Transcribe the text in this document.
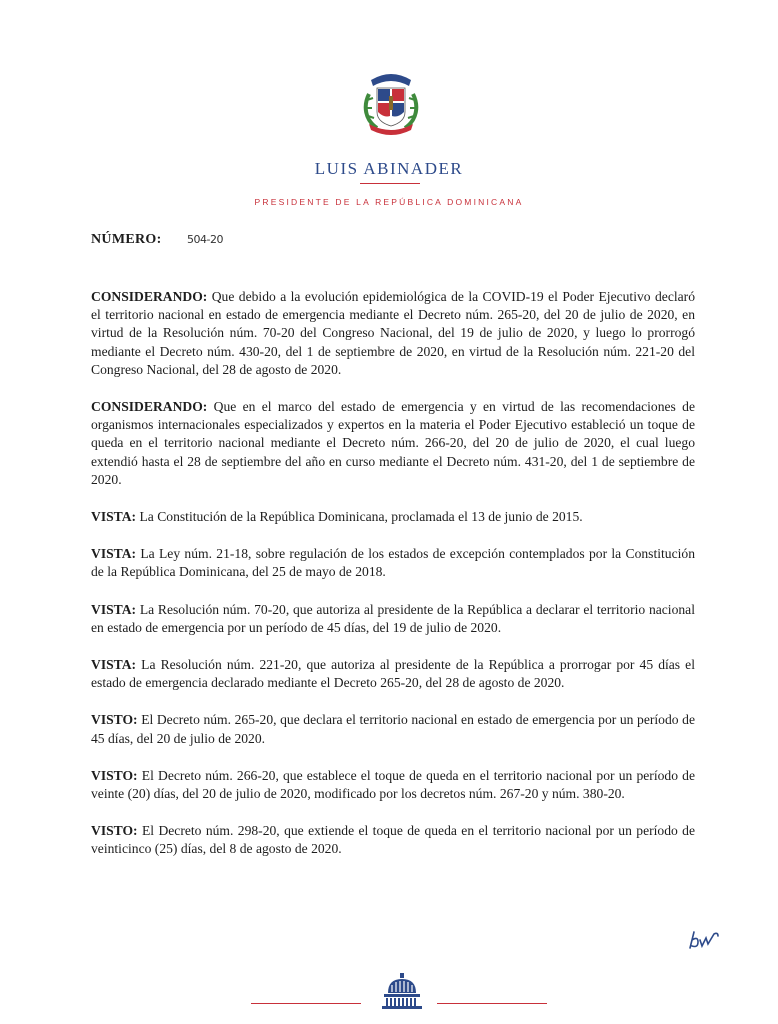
LUIS ABINADER
PRESIDENTE DE LA REPÚBLICA DOMINICANA
NÚMERO: 504-20

CONSIDERANDO: Que debido a la evolución epidemiológica de la COVID-19 el Poder Ejecutivo declaró el territorio nacional en estado de emergencia mediante el Decreto núm. 265-20, del 20 de julio de 2020, en virtud de la Resolución núm. 70-20 del Congreso Nacional, del 19 de julio de 2020, y luego lo prorrogó mediante el Decreto núm. 430-20, del 1 de septiembre de 2020, en virtud de la Resolución núm. 221-20 del Congreso Nacional, del 28 de agosto de 2020.

CONSIDERANDO: Que en el marco del estado de emergencia y en virtud de las recomendaciones de organismos internacionales especializados y expertos en la materia el Poder Ejecutivo estableció un toque de queda en el territorio nacional mediante el Decreto núm. 266-20, del 20 de julio de 2020, el cual luego extendió hasta el 28 de septiembre del año en curso mediante el Decreto núm. 431-20, del 1 de septiembre de 2020.

VISTA: La Constitución de la República Dominicana, proclamada el 13 de junio de 2015.

VISTA: La Ley núm. 21-18, sobre regulación de los estados de excepción contemplados por la Constitución de la República Dominicana, del 25 de mayo de 2018.

VISTA: La Resolución núm. 70-20, que autoriza al presidente de la República a declarar el territorio nacional en estado de emergencia por un período de 45 días, del 19 de julio de 2020.

VISTA: La Resolución núm. 221-20, que autoriza al presidente de la República a prorrogar por 45 días el estado de emergencia declarado mediante el Decreto 265-20, del 28 de agosto de 2020.

VISTO: El Decreto núm. 265-20, que declara el territorio nacional en estado de emergencia por un período de 45 días, del 20 de julio de 2020.

VISTO: El Decreto núm. 266-20, que establece el toque de queda en el territorio nacional por un período de veinte (20) días, del 20 de julio de 2020, modificado por los decretos núm. 267-20 y núm. 380-20.

VISTO: El Decreto núm. 298-20, que extiende el toque de queda en el territorio nacional por un período de veinticinco (25) días, del 8 de agosto de 2020.
